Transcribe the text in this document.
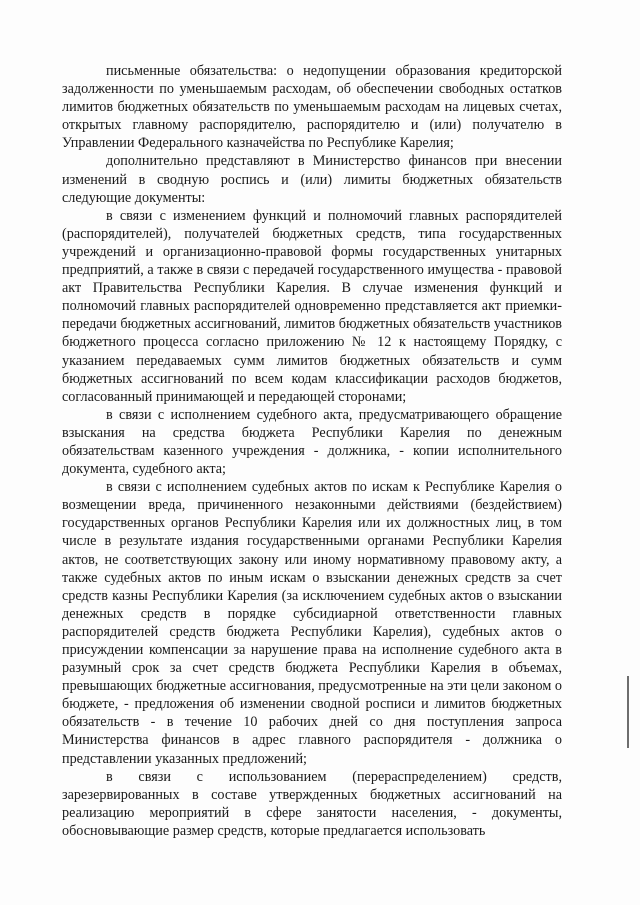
письменные обязательства: о недопущении образования кредиторской задолженности по уменьшаемым расходам, об обеспечении свободных остатков лимитов бюджетных обязательств по уменьшаемым расходам на лицевых счетах, открытых главному распорядителю, распорядителю и (или) получателю в Управлении Федерального казначейства по Республике Карелия;

дополнительно представляют в Министерство финансов при внесении изменений в сводную роспись и (или) лимиты бюджетных обязательств следующие документы:

в связи с изменением функций и полномочий главных распорядителей (распорядителей), получателей бюджетных средств, типа государственных учреждений и организационно-правовой формы государственных унитарных предприятий, а также в связи с передачей государственного имущества - правовой акт Правительства Республики Карелия. В случае изменения функций и полномочий главных распорядителей одновременно представляется акт приемки-передачи бюджетных ассигнований, лимитов бюджетных обязательств участников бюджетного процесса согласно приложению № 12 к настоящему Порядку, с указанием передаваемых сумм лимитов бюджетных обязательств и сумм бюджетных ассигнований по всем кодам классификации расходов бюджетов, согласованный принимающей и передающей сторонами;

в связи с исполнением судебного акта, предусматривающего обращение взыскания на средства бюджета Республики Карелия по денежным обязательствам казенного учреждения - должника, - копии исполнительного документа, судебного акта;

в связи с исполнением судебных актов по искам к Республике Карелия о возмещении вреда, причиненного незаконными действиями (бездействием) государственных органов Республики Карелия или их должностных лиц, в том числе в результате издания государственными органами Республики Карелия актов, не соответствующих закону или иному нормативному правовому акту, а также судебных актов по иным искам о взыскании денежных средств за счет средств казны Республики Карелия (за исключением судебных актов о взыскании денежных средств в порядке субсидиарной ответственности главных распорядителей средств бюджета Республики Карелия), судебных актов о присуждении компенсации за нарушение права на исполнение судебного акта в разумный срок за счет средств бюджета Республики Карелия в объемах, превышающих бюджетные ассигнования, предусмотренные на эти цели законом о бюджете, - предложения об изменении сводной росписи и лимитов бюджетных обязательств - в течение 10 рабочих дней со дня поступления запроса Министерства финансов в адрес главного распорядителя - должника о представлении указанных предложений;

в связи с использованием (перераспределением) средств, зарезервированных в составе утвержденных бюджетных ассигнований на реализацию мероприятий в сфере занятости населения, - документы, обосновывающие размер средств, которые предлагается использовать
